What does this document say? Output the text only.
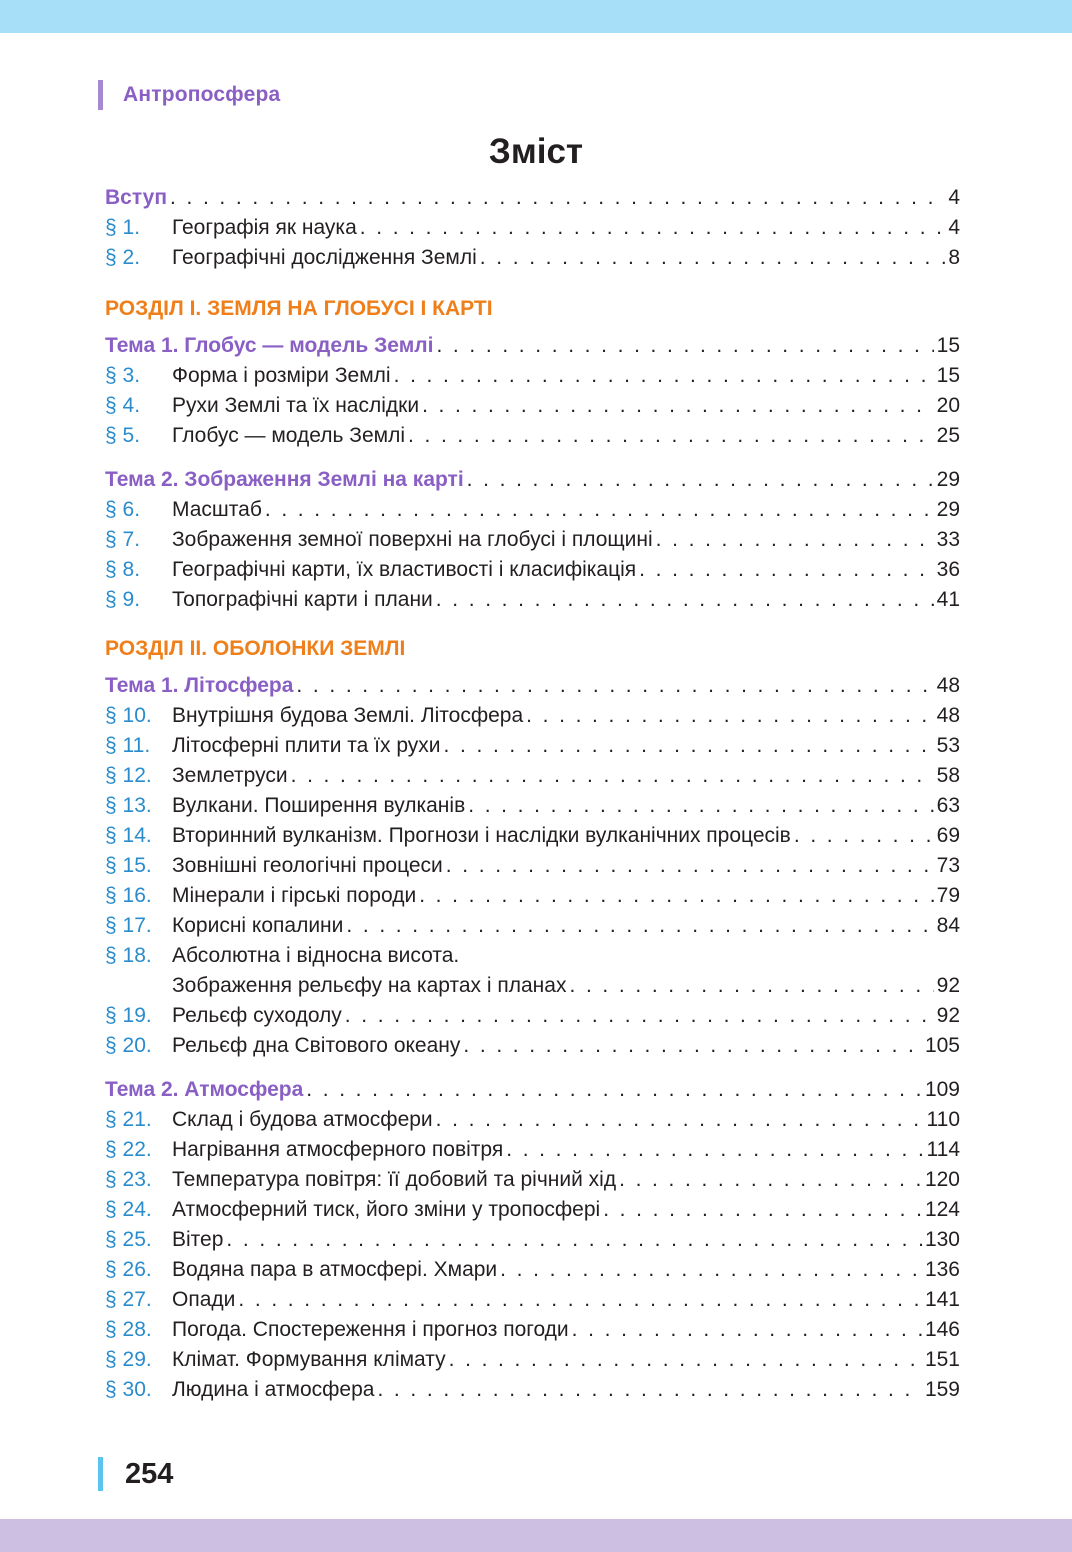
Антропосфера
Зміст
Вступ . . .	4
§ 1.	Географія як наука . . .	4
§ 2.	Географічні дослідження Землі . . .	8
РОЗДІЛ І. ЗЕМЛЯ НА ГЛОБУСІ І КАРТІ
Тема 1. Глобус — модель Землі . . .	15
§ 3.	Форма і розміри Землі . . .	15
§ 4.	Рухи Землі та їх наслідки . . .	20
§ 5.	Глобус — модель Землі . . .	25
Тема 2. Зображення Землі на карті . . .	29
§ 6.	Масштаб . . .	29
§ 7.	Зображення земної поверхні на глобусі і площині . . .	33
§ 8.	Географічні карти, їх властивості і класифікація . . .	36
§ 9.	Топографічні карти і плани . . .	41
РОЗДІЛ ІІ. ОБОЛОНКИ ЗЕМЛІ
Тема 1. Літосфера . . .	48
§ 10. Внутрішня будова Землі. Літосфера . . .	48
§ 11.	Літосферні плити та їх рухи . . .	53
§ 12. Землетруси . . .	58
§ 13. Вулкани. Поширення вулканів . . .	63
§ 14. Вторинний вулканізм. Прогнози і наслідки вулканічних процесів . . .	69
§ 15. Зовнішні геологічні процеси . . .	73
§ 16. Мінерали і гірські породи . . .	79
§ 17. Корисні копалини . . .	84
§ 18. Абсолютна і відносна висота.
Зображення рельєфу на картах і планах . . .	92
§ 19. Рельєф суходолу . . .	92
§ 20. Рельєф дна Світового океану . . .	105
Тема 2. Атмосфера . . .	109
§ 21. Склад і будова атмосфери . . .	110
§ 22. Нагрівання атмосферного повітря . . .	114
§ 23. Температура повітря: її добовий та річний хід . . .	120
§ 24. Атмосферний тиск, його зміни у тропосфері . . .	124
§ 25. Вітер . . .	130
§ 26. Водяна пара в атмосфері. Хмари . . .	136
§ 27. Опади . . .	141
§ 28. Погода. Спостереження і прогноз погоди . . .	146
§ 29. Клімат. Формування клімату . . .	151
§ 30. Людина і атмосфера . . .	159
254
